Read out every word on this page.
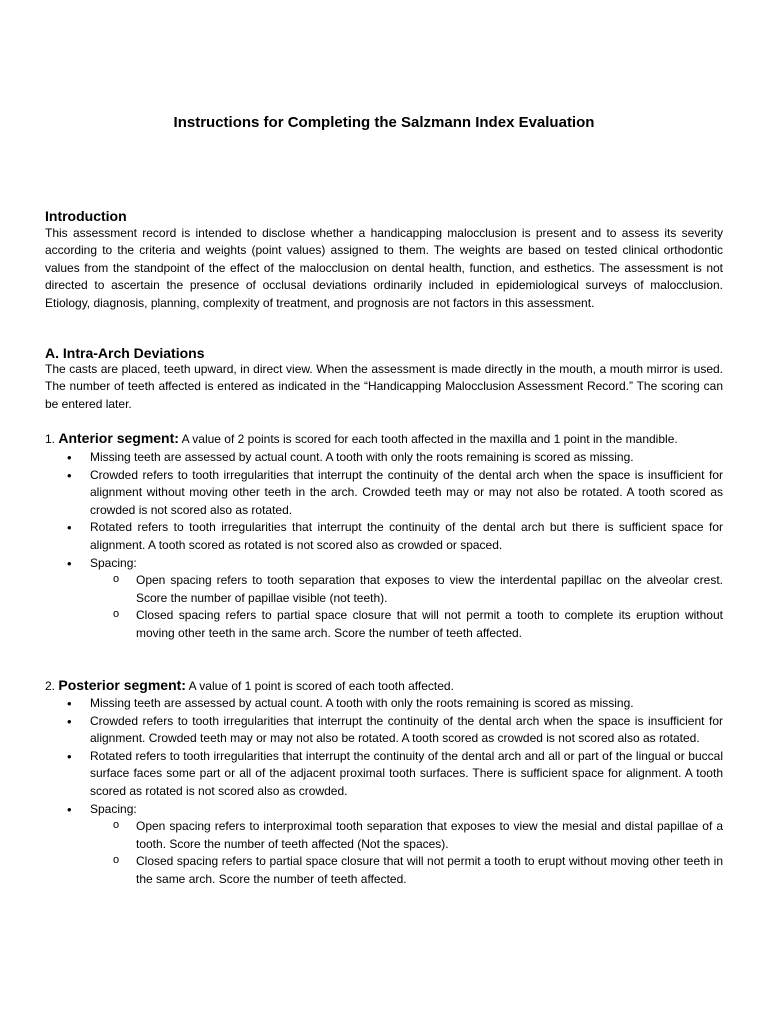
Instructions for Completing the Salzmann Index Evaluation
Introduction

This assessment record is intended to disclose whether a handicapping malocclusion is present and to assess its severity according to the criteria and weights (point values) assigned to them. The weights are based on tested clinical orthodontic values from the standpoint of the effect of the malocclusion on dental health, function, and esthetics. The assessment is not directed to ascertain the presence of occlusal deviations ordinarily included in epidemiological surveys of malocclusion. Etiology, diagnosis, planning, complexity of treatment, and prognosis are not factors in this assessment.

A. Intra-Arch Deviations

The casts are placed, teeth upward, in direct view. When the assessment is made directly in the mouth, a mouth mirror is used. The number of teeth affected is entered as indicated in the “Handicapping Malocclusion Assessment Record.” The scoring can be entered later.

1. Anterior segment: A value of 2 points is scored for each tooth affected in the maxilla and 1 point in the mandible.

• Missing teeth are assessed by actual count. A tooth with only the roots remaining is scored as missing.
• Crowded refers to tooth irregularities that interrupt the continuity of the dental arch when the space is insufficient for alignment without moving other teeth in the arch. Crowded teeth may or may not also be rotated. A tooth scored as crowded is not scored also as rotated.
• Rotated refers to tooth irregularities that interrupt the continuity of the dental arch but there is sufficient space for alignment. A tooth scored as rotated is not scored also as crowded or spaced.
• Spacing:
o Open spacing refers to tooth separation that exposes to view the interdental papillac on the alveolar crest. Score the number of papillae visible (not teeth).
o Closed spacing refers to partial space closure that will not permit a tooth to complete its eruption without moving other teeth in the same arch. Score the number of teeth affected.

2. Posterior segment: A value of 1 point is scored of each tooth affected.

• Missing teeth are assessed by actual count. A tooth with only the roots remaining is scored as missing.
• Crowded refers to tooth irregularities that interrupt the continuity of the dental arch when the space is insufficient for alignment. Crowded teeth may or may not also be rotated. A tooth scored as crowded is not scored also as rotated.
• Rotated refers to tooth irregularities that interrupt the continuity of the dental arch and all or part of the lingual or buccal surface faces some part or all of the adjacent proximal tooth surfaces. There is sufficient space for alignment. A tooth scored as rotated is not scored also as crowded.
• Spacing:
o Open spacing refers to interproximal tooth separation that exposes to view the mesial and distal papillae of a tooth. Score the number of teeth affected (Not the spaces).
o Closed spacing refers to partial space closure that will not permit a tooth to erupt without moving other teeth in the same arch. Score the number of teeth affected.
